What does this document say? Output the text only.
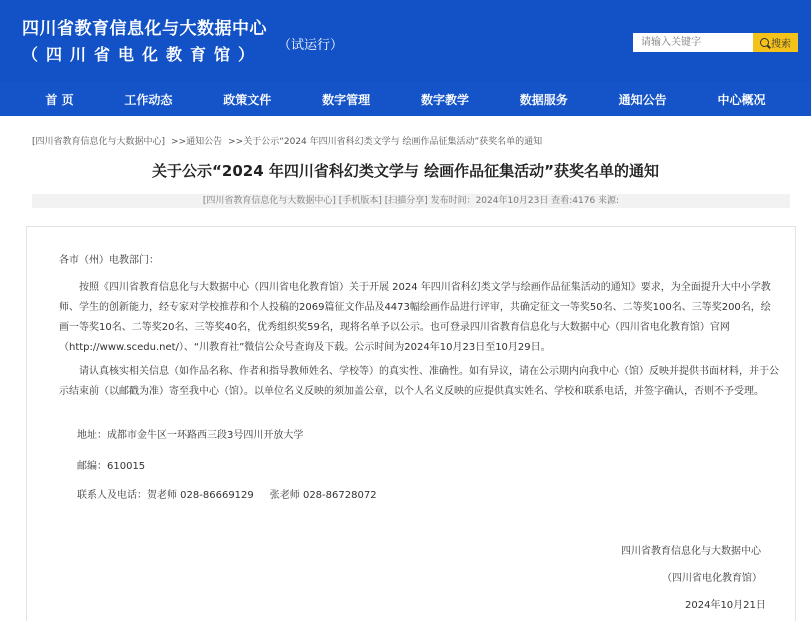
四川省教育信息化与大数据中心
（四川省电化教育馆） （试运行）
请输入关键字	搜索
首 页	工作动态	政策文件	数字管理	数字教学	数据服务	通知公告	中心概况
[四川省教育信息化与大数据中心] >>通知公告 >>关于公示“2024 年四川省科幻类文学与 绘画作品征集活动”获奖名单的通知
关于公示“2024 年四川省科幻类文学与 绘画作品征集活动”获奖名单的通知
[四川省教育信息化与大数据中心] [手机版本] [扫描分享] 发布时间：2024年10月23日 查看:4176 来源:
各市（州）电教部门：
按照《四川省教育信息化与大数据中心（四川省电化教育馆）关于开展 2024 年四川省科幻类文学与绘画作品征集活动的通知》要求，为全面提升大中小学教师、学生的创新能力，经专家对学校推荐和个人投稿的2069篇征文作品及4473幅绘画作品进行评审，共确定征文一等奖50名、二等奖100名、三等奖200名，绘画一等奖10名、二等奖20名、三等奖40名，优秀组织奖59名，现将名单予以公示。也可登录四川省教育信息化与大数据中心（四川省电化教育馆）官网（http://www.scedu.net/）、“川教育社”微信公众号查询及下载。公示时间为2024年10月23日至10月29日。
请认真核实相关信息（如作品名称、作者和指导教师姓名、学校等）的真实性、准确性。如有异议，请在公示期内向我中心（馆）反映并提供书面材料，并于公示结束前（以邮戳为准）寄至我中心（馆）。以单位名义反映的须加盖公章，以个人名义反映的应提供真实姓名、学校和联系电话，并签字确认，否则不予受理。
地址：成都市金牛区一环路西三段3号四川开放大学
邮编：610015
联系人及电话：贺老师 028-86669129 张老师 028-86728072
四川省教育信息化与大数据中心
（四川省电化教育馆）
2024年10月21日
